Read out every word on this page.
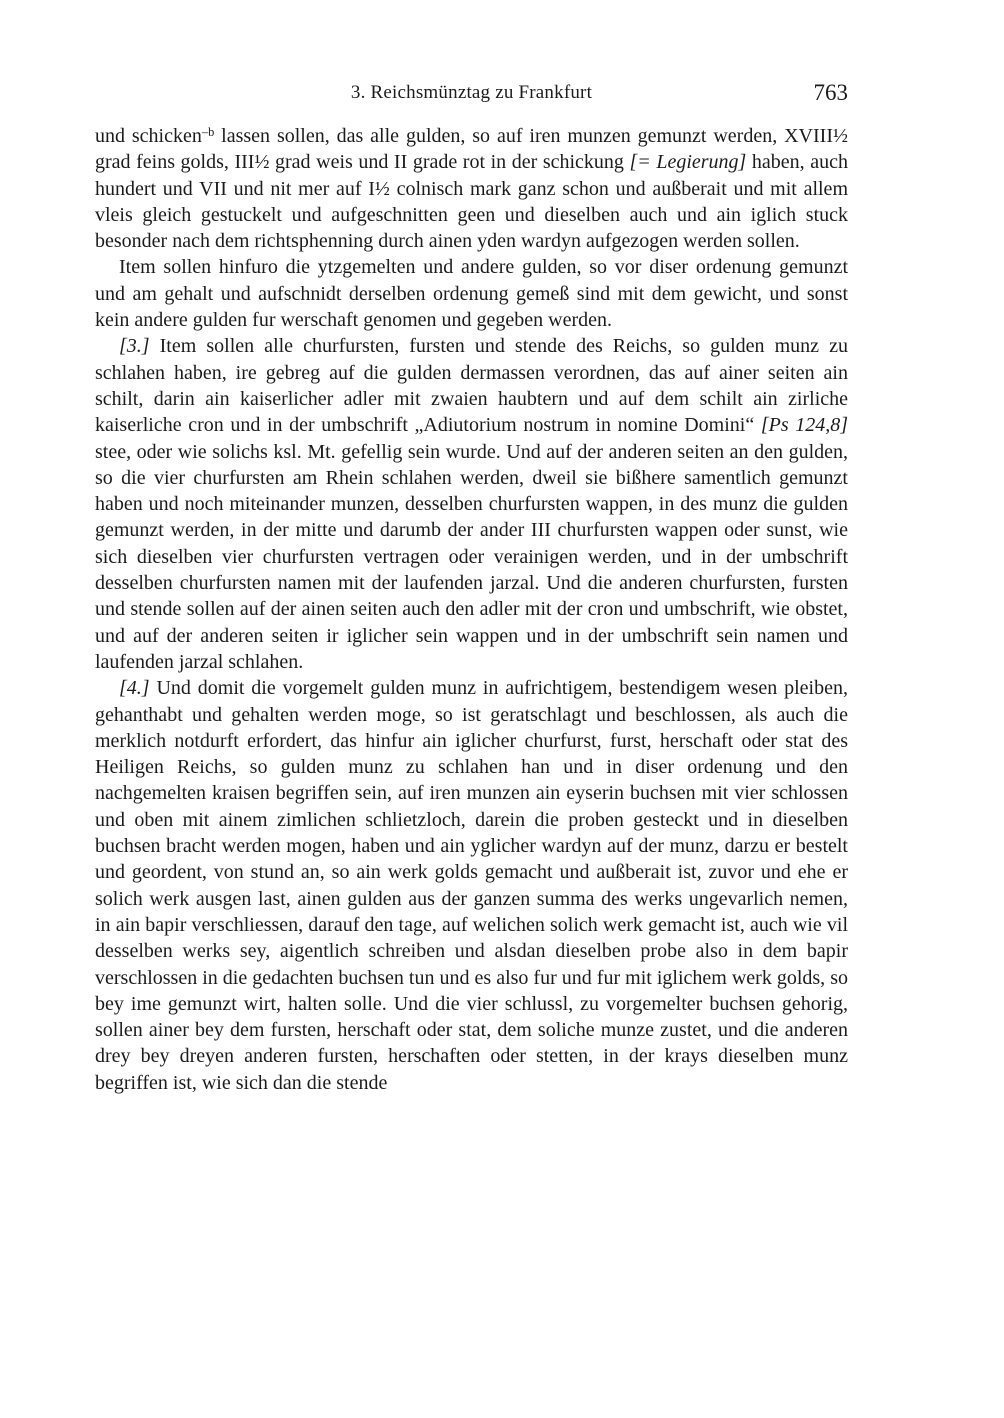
3. Reichsmünztag zu Frankfurt	763

und schicken$^{-b}$ lassen sollen, das alle gulden, so auf iren munzen gemunzt werden, XVIII½ grad feins golds, III½ grad weis und II grade rot in der schickung [= Legierung] haben, auch hundert und VII und nit mer auf I½ colnisch mark ganz schon und außberait und mit allem vleis gleich gestuckelt und aufgeschnitten geen und dieselben auch und ain iglich stuck besonder nach dem richtsphenning durch ainen yden wardyn aufgezogen werden sollen.

Item sollen hinfuro die ytzgemelten und andere gulden, so vor diser ordenung gemunzt und am gehalt und aufschnidt derselben ordenung gemeß sind mit dem gewicht, und sonst kein andere gulden fur werschaft genomen und gegeben werden.

[3.] Item sollen alle churfursten, fursten und stende des Reichs, so gulden munz zu schlahen haben, ire gebreg auf die gulden dermassen verordnen, das auf ainer seiten ain schilt, darin ain kaiserlicher adler mit zwaien haubtern und auf dem schilt ain zirliche kaiserliche cron und in der umbschrift „Adiutorium nostrum in nomine Domini“ [Ps 124,8] stee, oder wie solichs ksl. Mt. gefellig sein wurde. Und auf der anderen seiten an den gulden, so die vier churfursten am Rhein schlahen werden, dweil sie bißhere samentlich gemunzt haben und noch miteinander munzen, desselben churfursten wappen, in des munz die gulden gemunzt werden, in der mitte und darumb der ander III churfursten wappen oder sunst, wie sich dieselben vier churfursten vertragen oder verainigen werden, und in der umbschrift desselben churfursten namen mit der laufenden jarzal. Und die anderen churfursten, fursten und stende sollen auf der ainen seiten auch den adler mit der cron und umbschrift, wie obstet, und auf der anderen seiten ir iglicher sein wappen und in der umbschrift sein namen und laufenden jarzal schlahen.

[4.] Und domit die vorgemelt gulden munz in aufrichtigem, bestendigem wesen pleiben, gehanthabt und gehalten werden moge, so ist geratschlagt und beschlossen, als auch die merklich notdurft erfordert, das hinfur ain iglicher churfurst, furst, herschaft oder stat des Heiligen Reichs, so gulden munz zu schlahen han und in diser ordenung und den nachgemelten kraisen begriffen sein, auf iren munzen ain eyserin buchsen mit vier schlossen und oben mit ainem zimlichen schlietzloch, darein die proben gesteckt und in dieselben buchsen bracht werden mogen, haben und ain yglicher wardyn auf der munz, darzu er bestelt und geordent, von stund an, so ain werk golds gemacht und außberait ist, zuvor und ehe er solich werk ausgen last, ainen gulden aus der ganzen summa des werks ungevarlich nemen, in ain bapir verschliessen, darauf den tage, auf welichen solich werk gemacht ist, auch wie vil desselben werks sey, aigentlich schreiben und alsdan dieselben probe also in dem bapir verschlossen in die gedachten buchsen tun und es also fur und fur mit iglichem werk golds, so bey ime gemunzt wirt, halten solle. Und die vier schlussl, zu vorgemelter buchsen gehorig, sollen ainer bey dem fursten, herschaft oder stat, dem soliche munze zustet, und die anderen drey bey dreyen anderen fursten, herschaften oder stetten, in der krays dieselben munz begriffen ist, wie sich dan die stende
